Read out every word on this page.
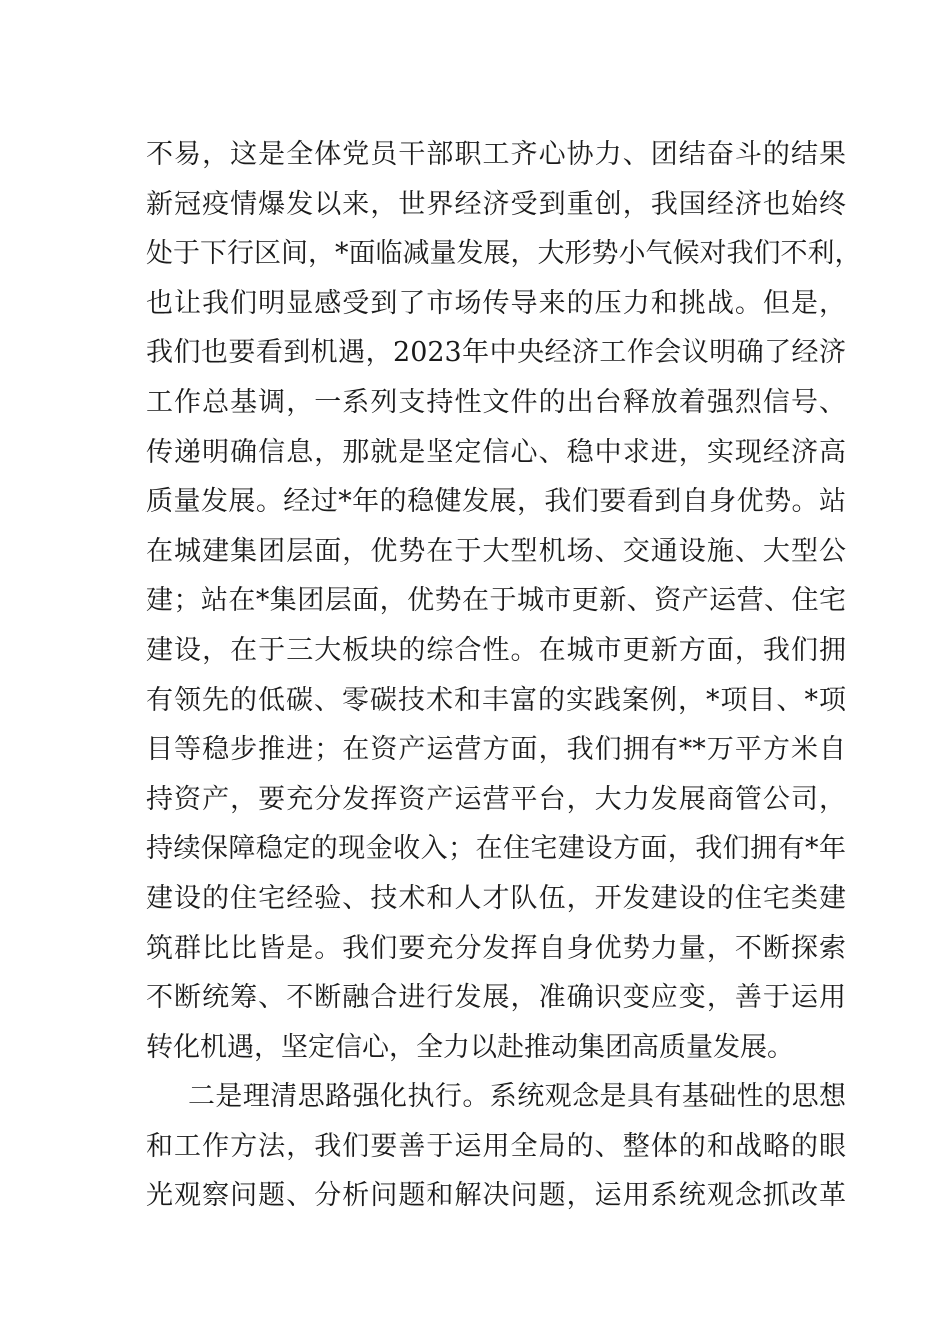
不易，这是全体党员干部职工齐心协力、团结奋斗的结果
新冠疫情爆发以来，世界经济受到重创，我国经济也始终
处于下行区间，*面临减量发展，大形势小气候对我们不利，
也让我们明显感受到了市场传导来的压力和挑战。但是，
我们也要看到机遇，2023年中央经济工作会议明确了经济
工作总基调，一系列支持性文件的出台释放着强烈信号、
传递明确信息，那就是坚定信心、稳中求进，实现经济高
质量发展。经过*年的稳健发展，我们要看到自身优势。站
在城建集团层面，优势在于大型机场、交通设施、大型公
建；站在*集团层面，优势在于城市更新、资产运营、住宅
建设，在于三大板块的综合性。在城市更新方面，我们拥
有领先的低碳、零碳技术和丰富的实践案例，*项目、*项
目等稳步推进；在资产运营方面，我们拥有**万平方米自
持资产，要充分发挥资产运营平台，大力发展商管公司，
持续保障稳定的现金收入；在住宅建设方面，我们拥有*年
建设的住宅经验、技术和人才队伍，开发建设的住宅类建
筑群比比皆是。我们要充分发挥自身优势力量，不断探索
不断统筹、不断融合进行发展，准确识变应变，善于运用
转化机遇，坚定信心，全力以赴推动集团高质量发展。
二是理清思路强化执行。系统观念是具有基础性的思想
和工作方法，我们要善于运用全局的、整体的和战略的眼
光观察问题、分析问题和解决问题，运用系统观念抓改革
